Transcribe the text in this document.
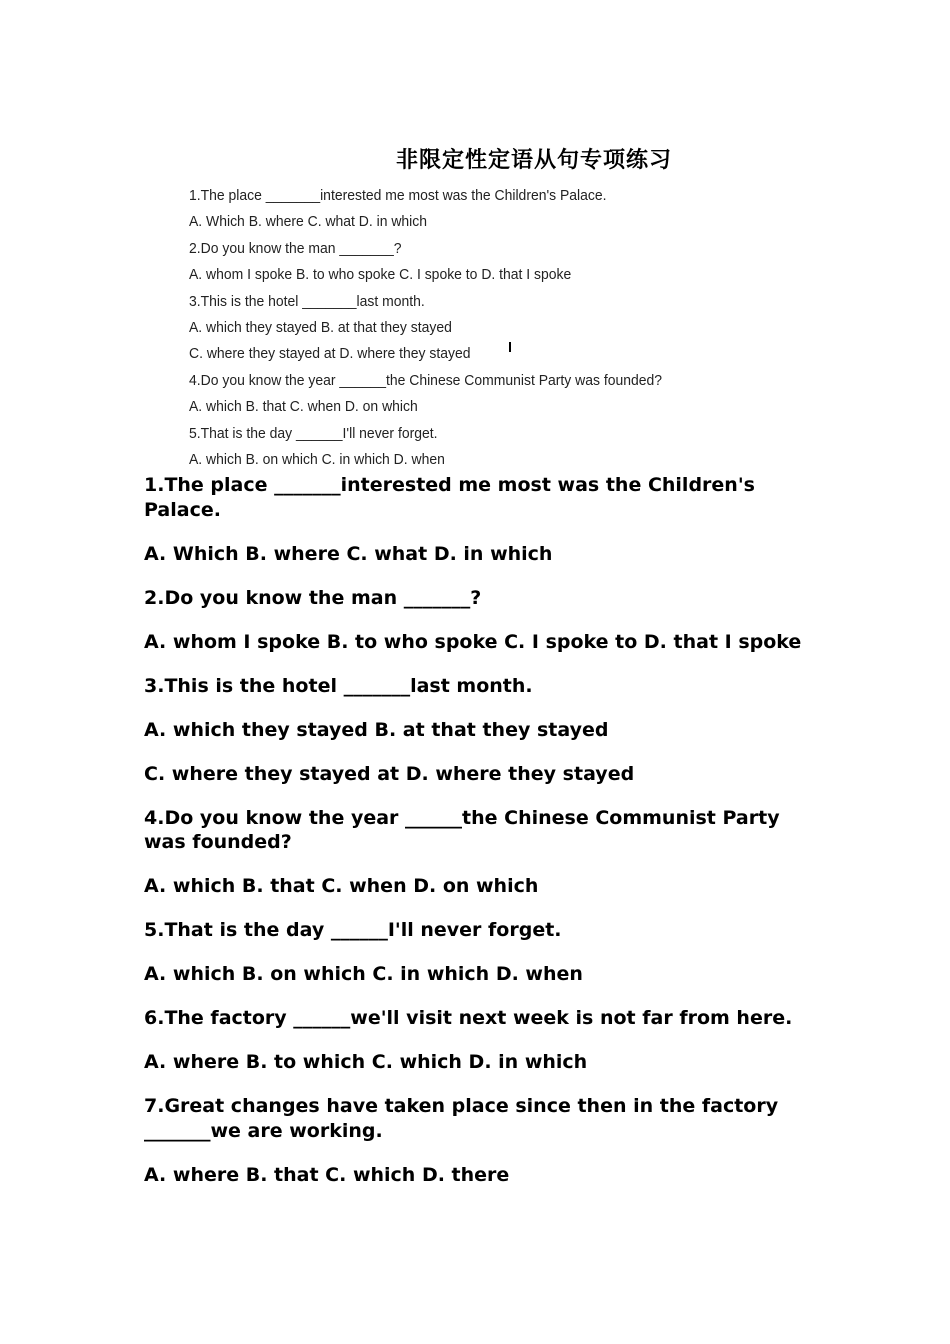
非限定性定语从句专项练习
1.The place _______interested me most was the Children's Palace.
A. Which B. where C. what D. in which
2.Do you know the man _______?
A. whom I spoke B. to who spoke C. I spoke to D. that I spoke
3.This is the hotel _______last month.
A. which they stayed B. at that they stayed
C. where they stayed at D. where they stayed
4.Do you know the year ______the Chinese Communist Party was founded?
A. which B. that C. when D. on which
5.That is the day ______I'll never forget.
A. which B. on which C. in which D. when

1.The place _______interested me most was the Children's Palace.

A. Which B. where C. what D. in which

2.Do you know the man _______?

A. whom I spoke B. to who spoke C. I spoke to D. that I spoke

3.This is the hotel _______last month.

A. which they stayed B. at that they stayed

C. where they stayed at D. where they stayed

4.Do you know the year ______the Chinese Communist Party was founded?

A. which B. that C. when D. on which

5.That is the day ______I'll never forget.

A. which B. on which C. in which D. when

6.The factory ______we'll visit next week is not far from here.

A. where B. to which C. which D. in which

7.Great changes have taken place since then in the factory _______we are working.

A. where B. that C. which D. there
